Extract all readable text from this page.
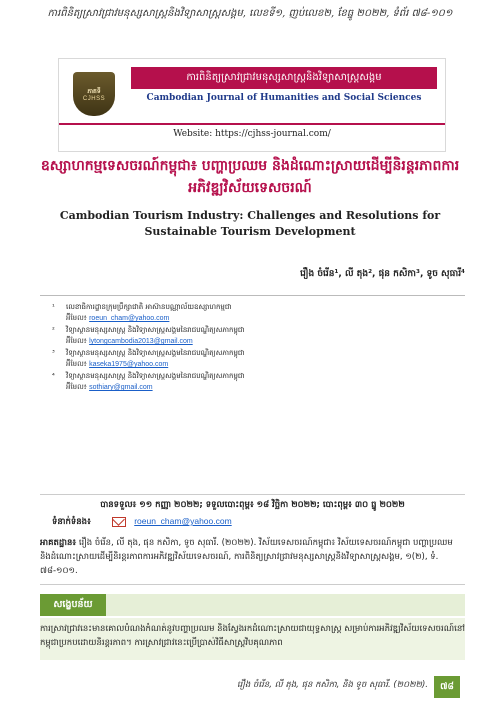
ការពិនិត្យស្រាវជ្រាវមនុស្សសាស្ត្រនិងវិទ្យាសាស្ត្រសង្គម, លេខទី១, ញប់លេខ២, ខែធ្នូ ២០២២, ទំព័រ ៧៨-១០១
ភាគទី
CJHSS
ការពិនិត្យស្រាវជ្រាវមនុស្សសាស្ត្រនិងវិទ្យាសាស្ត្រសង្គម
Cambodian Journal of Humanities and Social Sciences
Website: https://cjhss-journal.com/
ឧស្សាហកម្មទេសចរណ៍កម្ពុជា៖ បញ្ហាប្រឈម និងដំណោះស្រាយដើម្បីនិរន្តរភាពការអភិវឌ្ឍវិស័យទេសចរណ៍
Cambodian Tourism Industry: Challenges and Resolutions for Sustainable Tourism Development
រឿង ចំរើន¹, លី តុង², ផុន កសិកា³, ទូច សុធារី⁴
¹ លេខាធិការដ្ឋានក្រុមប្រឹក្សាជាតិ អាស៊ានបណ្ណាល័យឧស្សាហកម្មជា
អ៊ីមែល៖ roeun_cham@yahoo.com
² វិទ្យាស្ថានមនុស្សសាស្ត្រ និងវិទ្យាសាស្ត្រសង្គមនៃរាជបណ្ឌិត្យសភាកម្ពុជា
អ៊ីមែល៖ lytongcambodia2013@gmail.com
³ វិទ្យាស្ថានមនុស្សសាស្ត្រ និងវិទ្យាសាស្ត្រសង្គមនៃរាជបណ្ឌិត្យសភាកម្ពុជា
អ៊ីមែល៖ kaseka1975@yahoo.com
⁴ វិទ្យាស្ថានមនុស្សសាស្ត្រ និងវិទ្យាសាស្ត្រសង្គមនៃរាជបណ្ឌិត្យសភាកម្ពុជា
អ៊ីមែល៖ sothiary@gmail.com
បានទទួល៖ ១១ កញ្ញា ២០២២; ទទួលបោះពុម្ព៖ ១៨ វិច្ឆិកា ២០២២; បោះពុម្ព៖ ៣០ ធ្នូ ២០២២
ទំនាក់ទំនង៖	roeun_cham@yahoo.com
អាគតដ្ឋាន៖ រឿង ចំរើន, លី តុង, ផុន កសិកា, ទូច សុធារី. (២០២២). វិស័យទេសចរណ៍កម្ពុជា៖ វិស័យទេសចរណ៍កម្ពុជា បញ្ហាប្រឈម និងដំណោះស្រាយដើម្បីនិរន្តរភាពការអភិវឌ្ឍវិស័យទេសចរណ៍, ការពិនិត្យស្រាវជ្រាវមនុស្សសាស្ត្រនិងវិទ្យាសាស្ត្រសង្គម, ១(២), ទំ. ៧៨-១០១.
សង្ខេបន័យ
ការស្រាវជ្រាវនេះមានគោលបំណងកំណត់នូវបញ្ហាប្រឈម និងស្វែងរកដំណោះស្រាយជាយុទ្ធសាស្ត្រ សម្រាប់ការអភិវឌ្ឍវិស័យទេសចរណ៍នៅកម្ពុជាប្រកបដោយនិរន្តរភាព។ ការស្រាវជ្រាវនេះប្រើប្រាស់វិធីសាស្ត្រវិបគុណភាព
រឿង ចំរើន, លី តុង, ផុន កសិកា, និង ទូច សុធារី. (២០២២).	៧៨
